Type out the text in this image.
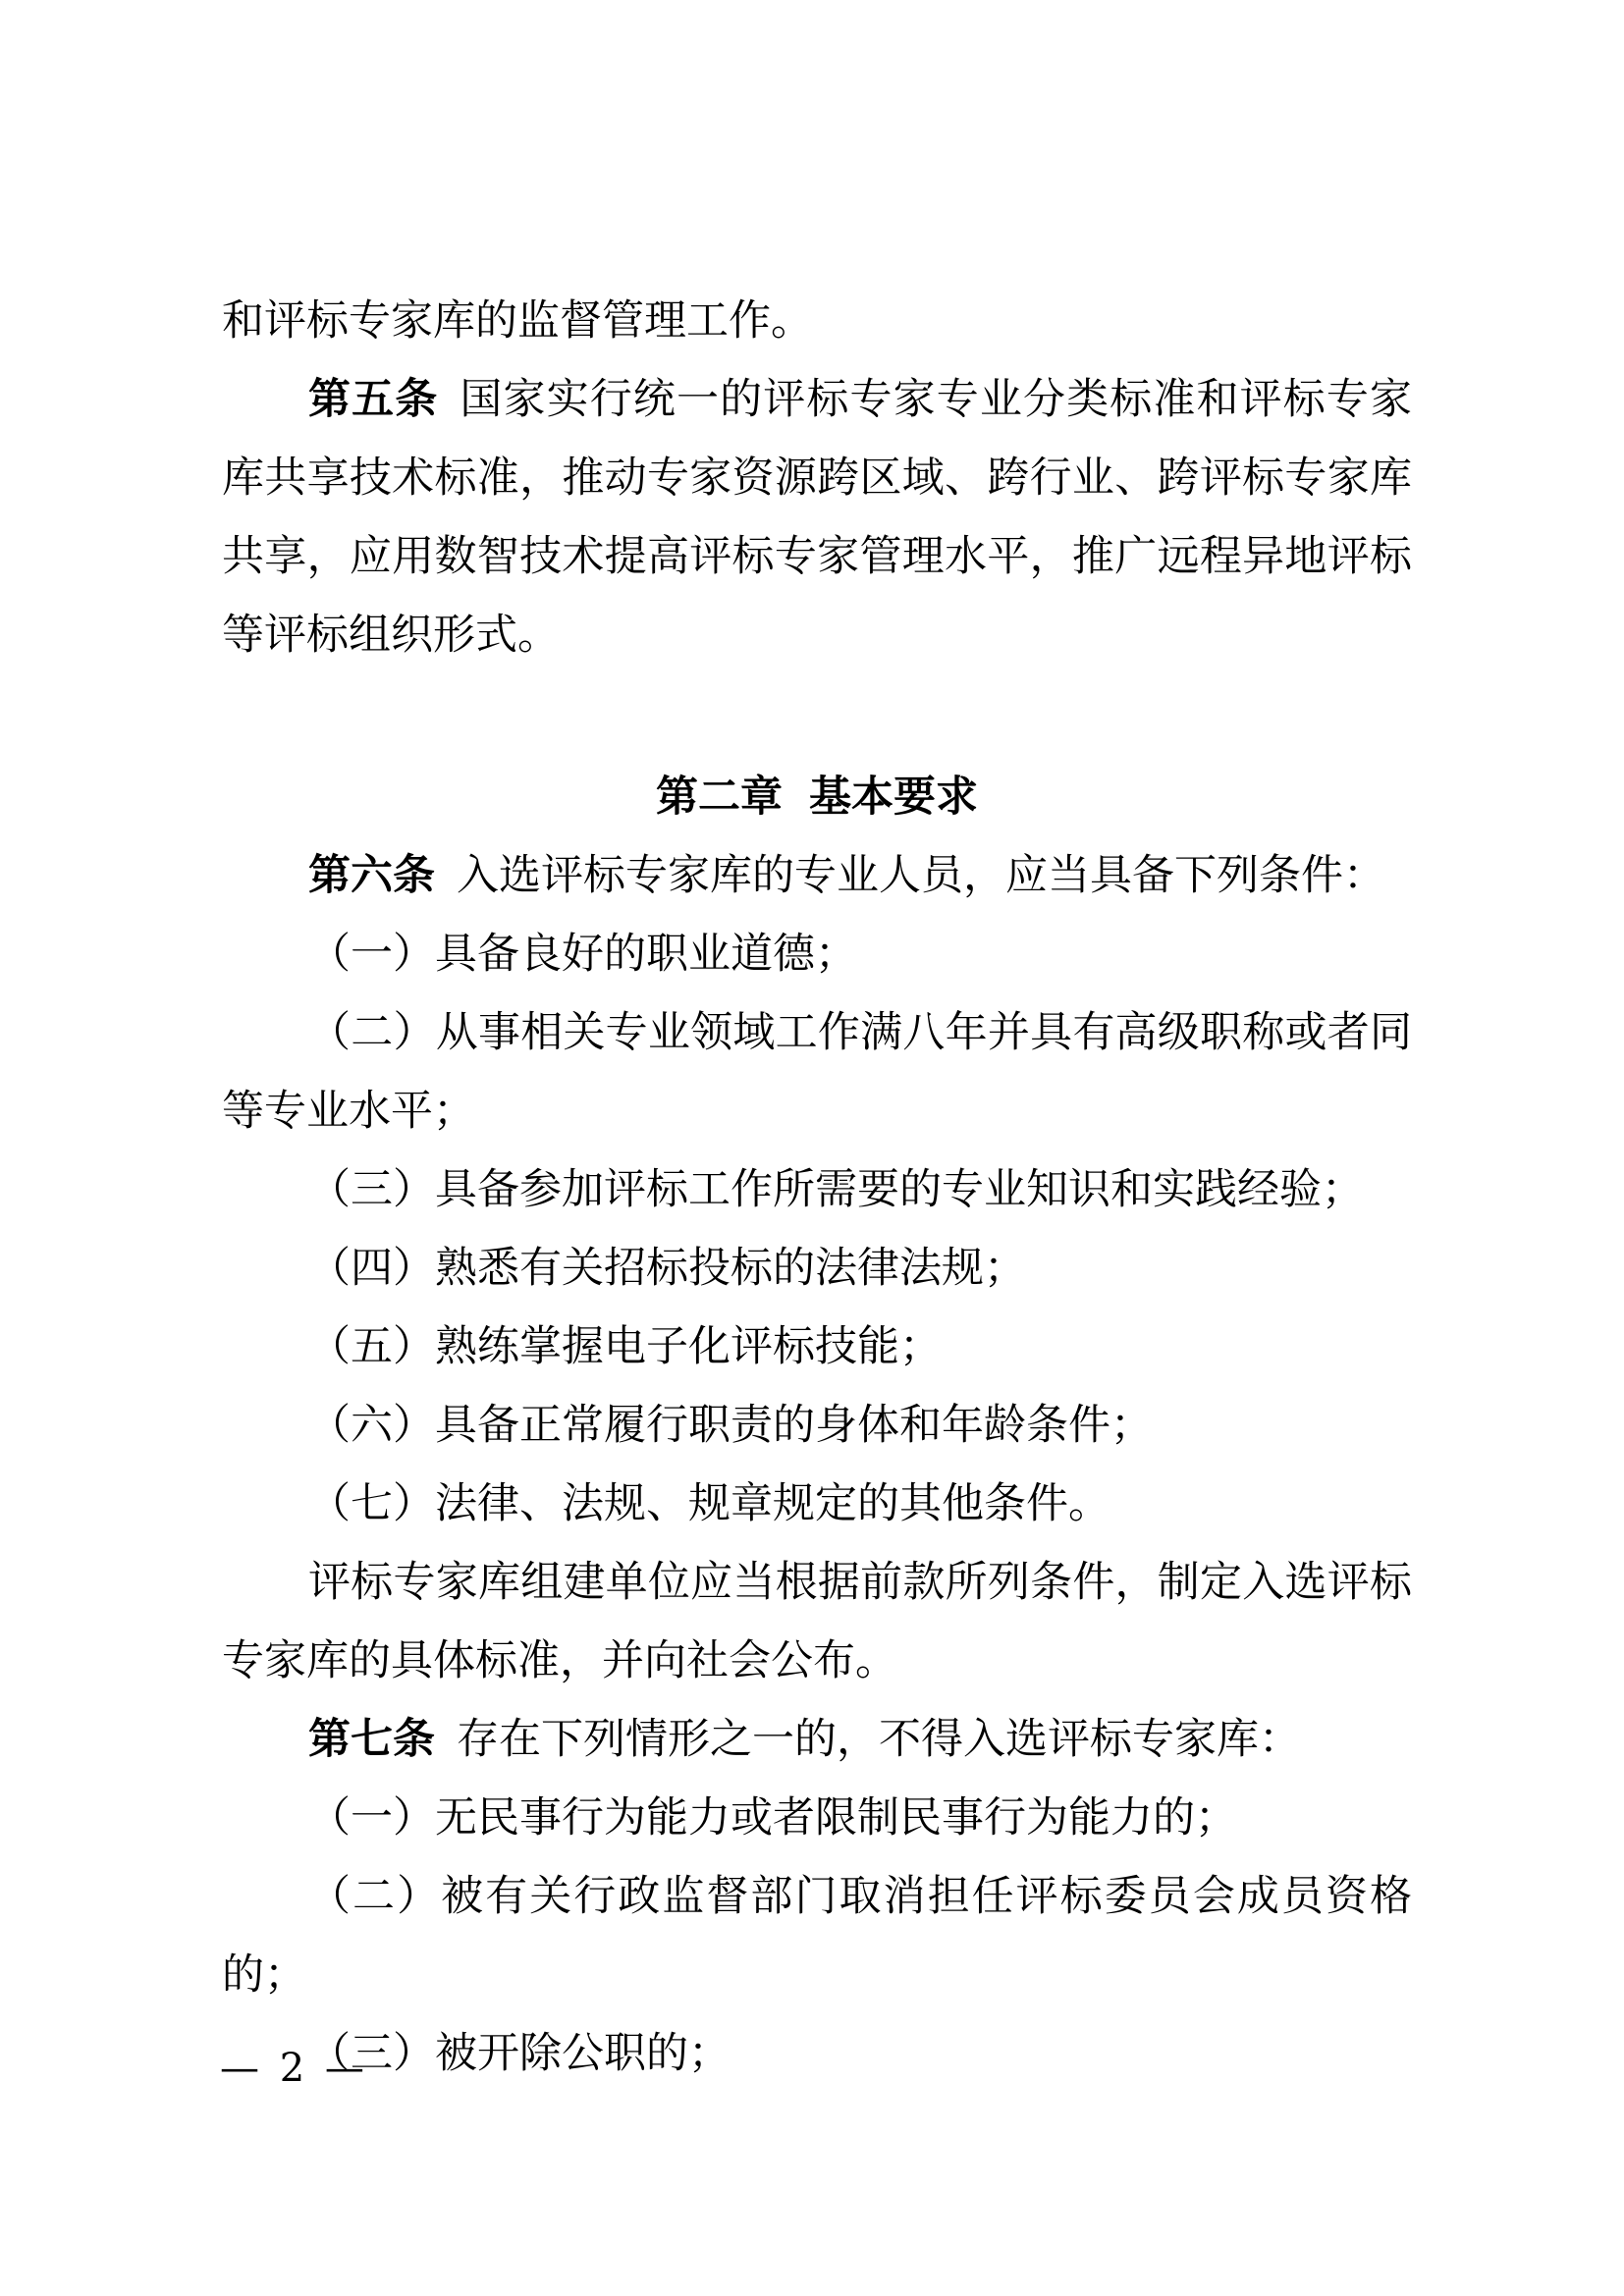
和评标专家库的监督管理工作。
第五条 国家实行统一的评标专家专业分类标准和评标专家库共享技术标准，推动专家资源跨区域、跨行业、跨评标专家库共享，应用数智技术提高评标专家管理水平，推广远程异地评标等评标组织形式。
第二章 基本要求
第六条 入选评标专家库的专业人员，应当具备下列条件：
（一）具备良好的职业道德；
（二）从事相关专业领域工作满八年并具有高级职称或者同等专业水平；
（三）具备参加评标工作所需要的专业知识和实践经验；
（四）熟悉有关招标投标的法律法规；
（五）熟练掌握电子化评标技能；
（六）具备正常履行职责的身体和年龄条件；
（七）法律、法规、规章规定的其他条件。
评标专家库组建单位应当根据前款所列条件，制定入选评标专家库的具体标准，并向社会公布。
第七条 存在下列情形之一的，不得入选评标专家库：
（一）无民事行为能力或者限制民事行为能力的；
（二）被有关行政监督部门取消担任评标委员会成员资格的；
（三）被开除公职的；
— 2 —
